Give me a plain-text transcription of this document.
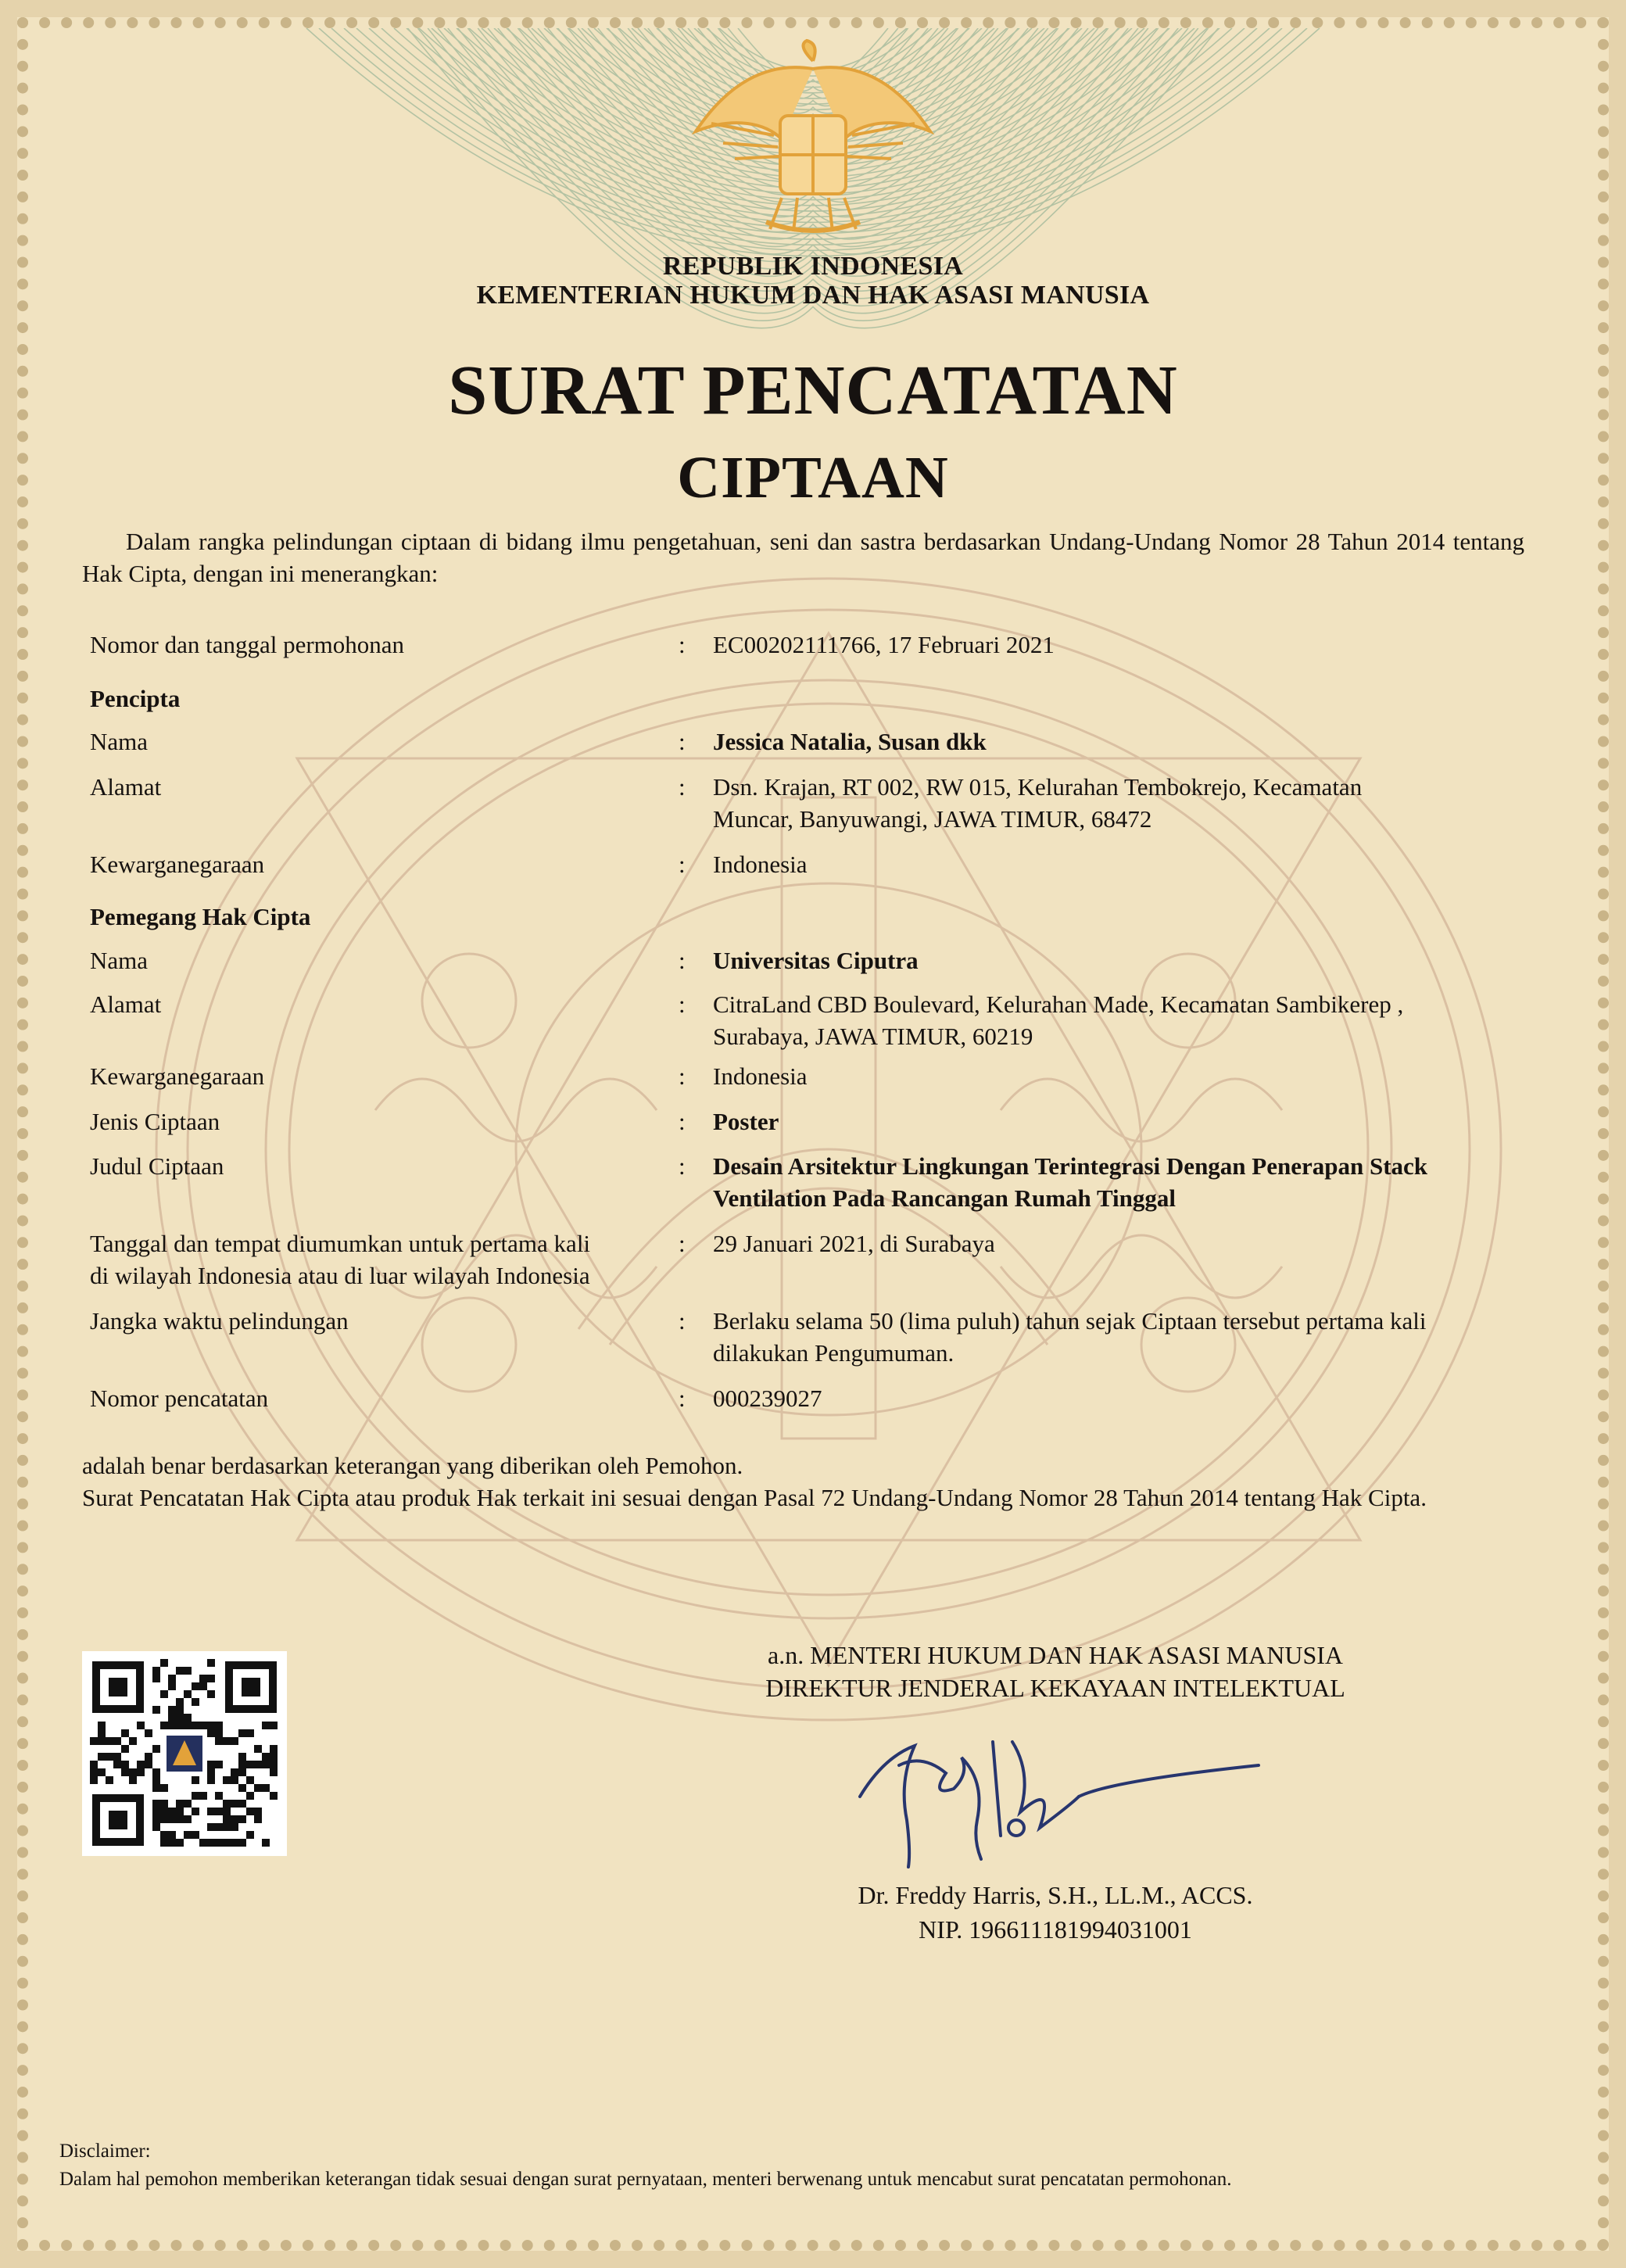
REPUBLIK INDONESIA
KEMENTERIAN HUKUM DAN HAK ASASI MANUSIA
SURAT PENCATATAN
CIPTAAN
Dalam rangka pelindungan ciptaan di bidang ilmu pengetahuan, seni dan sastra berdasarkan Undang-Undang Nomor 28 Tahun 2014 tentang Hak Cipta, dengan ini menerangkan:
Nomor dan tanggal permohonan	: EC00202111766, 17 Februari 2021
Pencipta
Nama	: Jessica Natalia, Susan dkk
Alamat	: Dsn. Krajan, RT 002, RW 015, Kelurahan Tembokrejo, Kecamatan
Muncar, Banyuwangi, JAWA TIMUR, 68472
Kewarganegaraan	: Indonesia
Pemegang Hak Cipta
Nama	: Universitas Ciputra
Alamat	: CitraLand CBD Boulevard, Kelurahan Made, Kecamatan Sambikerep ,
Surabaya, JAWA TIMUR, 60219
Kewarganegaraan	: Indonesia
Jenis Ciptaan	: Poster
Judul Ciptaan	: Desain Arsitektur Lingkungan Terintegrasi Dengan Penerapan Stack
Ventilation Pada Rancangan Rumah Tinggal
Tanggal dan tempat diumumkan untuk pertama kali
di wilayah Indonesia atau di luar wilayah Indonesia
: 29 Januari 2021, di Surabaya
Jangka waktu pelindungan	: Berlaku selama 50 (lima puluh) tahun sejak Ciptaan tersebut pertama kali
dilakukan Pengumuman.
Nomor pencatatan	: 000239027

adalah benar berdasarkan keterangan yang diberikan oleh Pemohon.

Surat Pencatatan Hak Cipta atau produk Hak terkait ini sesuai dengan Pasal 72 Undang-Undang Nomor 28 Tahun 2014 tentang Hak Cipta.

a.n. MENTERI HUKUM DAN HAK ASASI MANUSIA
DIREKTUR JENDERAL KEKAYAAN INTELEKTUAL
Dr. Freddy Harris, S.H., LL.M., ACCS.
NIP. 196611181994031001
Disclaimer:
Dalam hal pemohon memberikan keterangan tidak sesuai dengan surat pernyataan, menteri berwenang untuk mencabut surat pencatatan permohonan.
